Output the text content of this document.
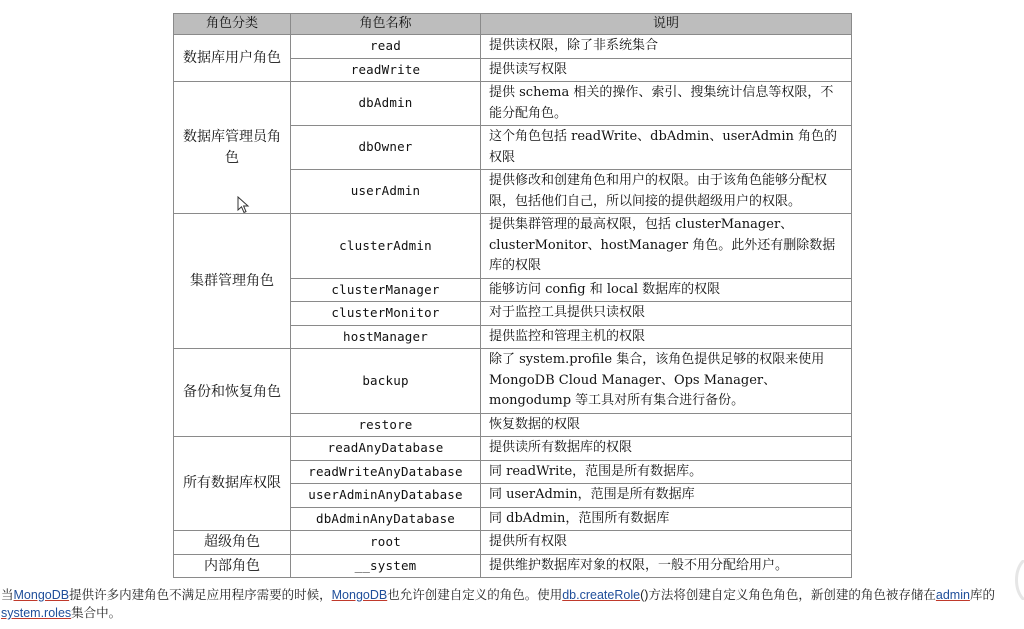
角色分类	角色名称	说明
数据库用户角色	read	提供读权限，除了非系统集合
	readWrite	提供读写权限
数据库管理员角色	dbAdmin	提供 schema 相关的操作、索引、搜集统计信息等权限，不能分配角色。
	dbOwner	这个角色包括 readWrite、dbAdmin、userAdmin 角色的权限
	userAdmin	提供修改和创建角色和用户的权限。由于该角色能够分配权限，包括他们自己，所以间接的提供超级用户的权限。
集群管理角色	clusterAdmin	提供集群管理的最高权限，包括 clusterManager、clusterMonitor、hostManager 角色。此外还有删除数据库的权限
	clusterManager	能够访问 config 和 local 数据库的权限
	clusterMonitor	对于监控工具提供只读权限
	hostManager	提供监控和管理主机的权限
备份和恢复角色	backup	除了 system.profile 集合，该角色提供足够的权限来使用 MongoDB Cloud Manager、Ops Manager、mongodump 等工具对所有集合进行备份。
	restore	恢复数据的权限
所有数据库权限	readAnyDatabase	提供读所有数据库的权限
	readWriteAnyDatabase	同 readWrite，范围是所有数据库。
	userAdminAnyDatabase	同 userAdmin，范围是所有数据库
	dbAdminAnyDatabase	同 dbAdmin，范围所有数据库
超级角色	root	提供所有权限
内部角色	__system	提供维护数据库对象的权限，一般不用分配给用户。
当MongoDB提供许多内建角色不满足应用程序需要的时候，MongoDB也允许创建自定义的角色。使用db.createRole()方法将创建自定义角色角色，新创建的角色被存储在admin库的system.roles集合中。
